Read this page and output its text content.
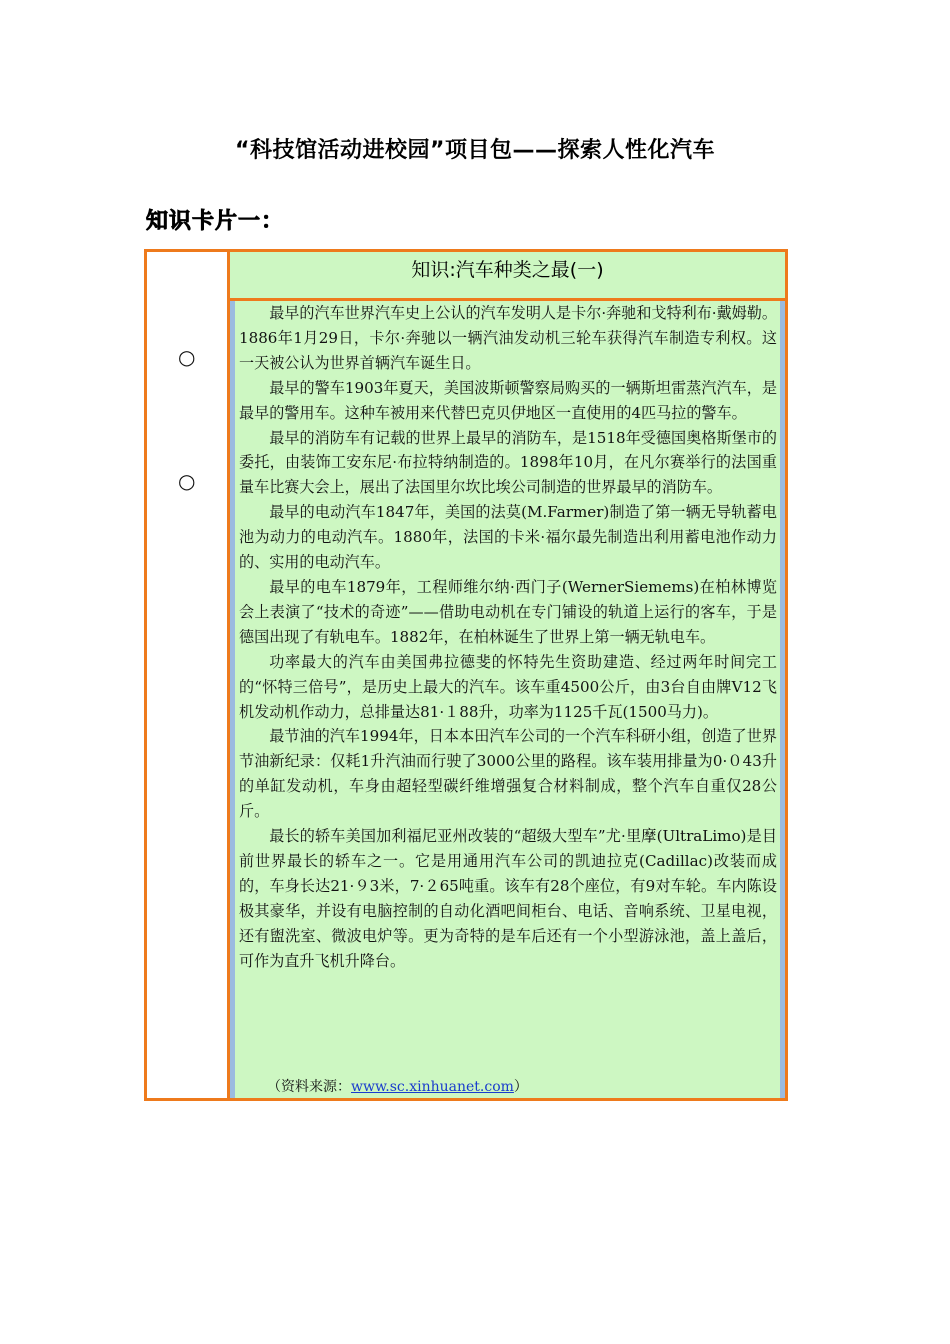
“科技馆活动进校园”项目包——探索人性化汽车
知识卡片一：
○
○
知识:汽车种类之最(一)

最早的汽车世界汽车史上公认的汽车发明人是卡尔·奔驰和戈特利布·戴姆勒。1886年1月29日，卡尔·奔驰以一辆汽油发动机三轮车获得汽车制造专利权。这一天被公认为世界首辆汽车诞生日。

最早的警车1903年夏天，美国波斯顿警察局购买的一辆斯坦雷蒸汽汽车，是最早的警用车。这种车被用来代替巴克贝伊地区一直使用的4匹马拉的警车。

最早的消防车有记载的世界上最早的消防车，是1518年受德国奥格斯堡市的委托，由装饰工安东尼·布拉特纳制造的。1898年10月，在凡尔赛举行的法国重量车比赛大会上，展出了法国里尔坎比埃公司制造的世界最早的消防车。

最早的电动汽车1847年，美国的法莫(M.Farmer)制造了第一辆无导轨蓄电池为动力的电动汽车。1880年，法国的卡米·福尔最先制造出利用蓄电池作动力的、实用的电动汽车。

最早的电车1879年，工程师维尔纳·西门子(WernerSiemems)在柏林博览会上表演了“技术的奇迹”——借助电动机在专门铺设的轨道上运行的客车，于是德国出现了有轨电车。1882年，在柏林诞生了世界上第一辆无轨电车。

功率最大的汽车由美国弗拉德斐的怀特先生资助建造、经过两年时间完工的“怀特三倍号”，是历史上最大的汽车。该车重4500公斤，由3台自由牌V12飞机发动机作动力，总排量达81·１88升，功率为1125千瓦(1500马力)。

最节油的汽车1994年，日本本田汽车公司的一个汽车科研小组，创造了世界节油新纪录：仅耗1升汽油而行驶了3000公里的路程。该车装用排量为0·０43升的单缸发动机，车身由超轻型碳纤维增强复合材料制成，整个汽车自重仅28公斤。

最长的轿车美国加利福尼亚州改装的“超级大型车”尤·里摩(UltraLimo)是目前世界最长的轿车之一。它是用通用汽车公司的凯迪拉克(Cadillac)改装而成的，车身长达21·９3米，7·２65吨重。该车有28个座位，有9对车轮。车内陈设极其豪华，并设有电脑控制的自动化酒吧间柜台、电话、音响系统、卫星电视，还有盥洗室、微波电炉等。更为奇特的是车后还有一个小型游泳池，盖上盖后，可作为直升飞机升降台。

（资料来源：www.sc.xinhuanet.com）
